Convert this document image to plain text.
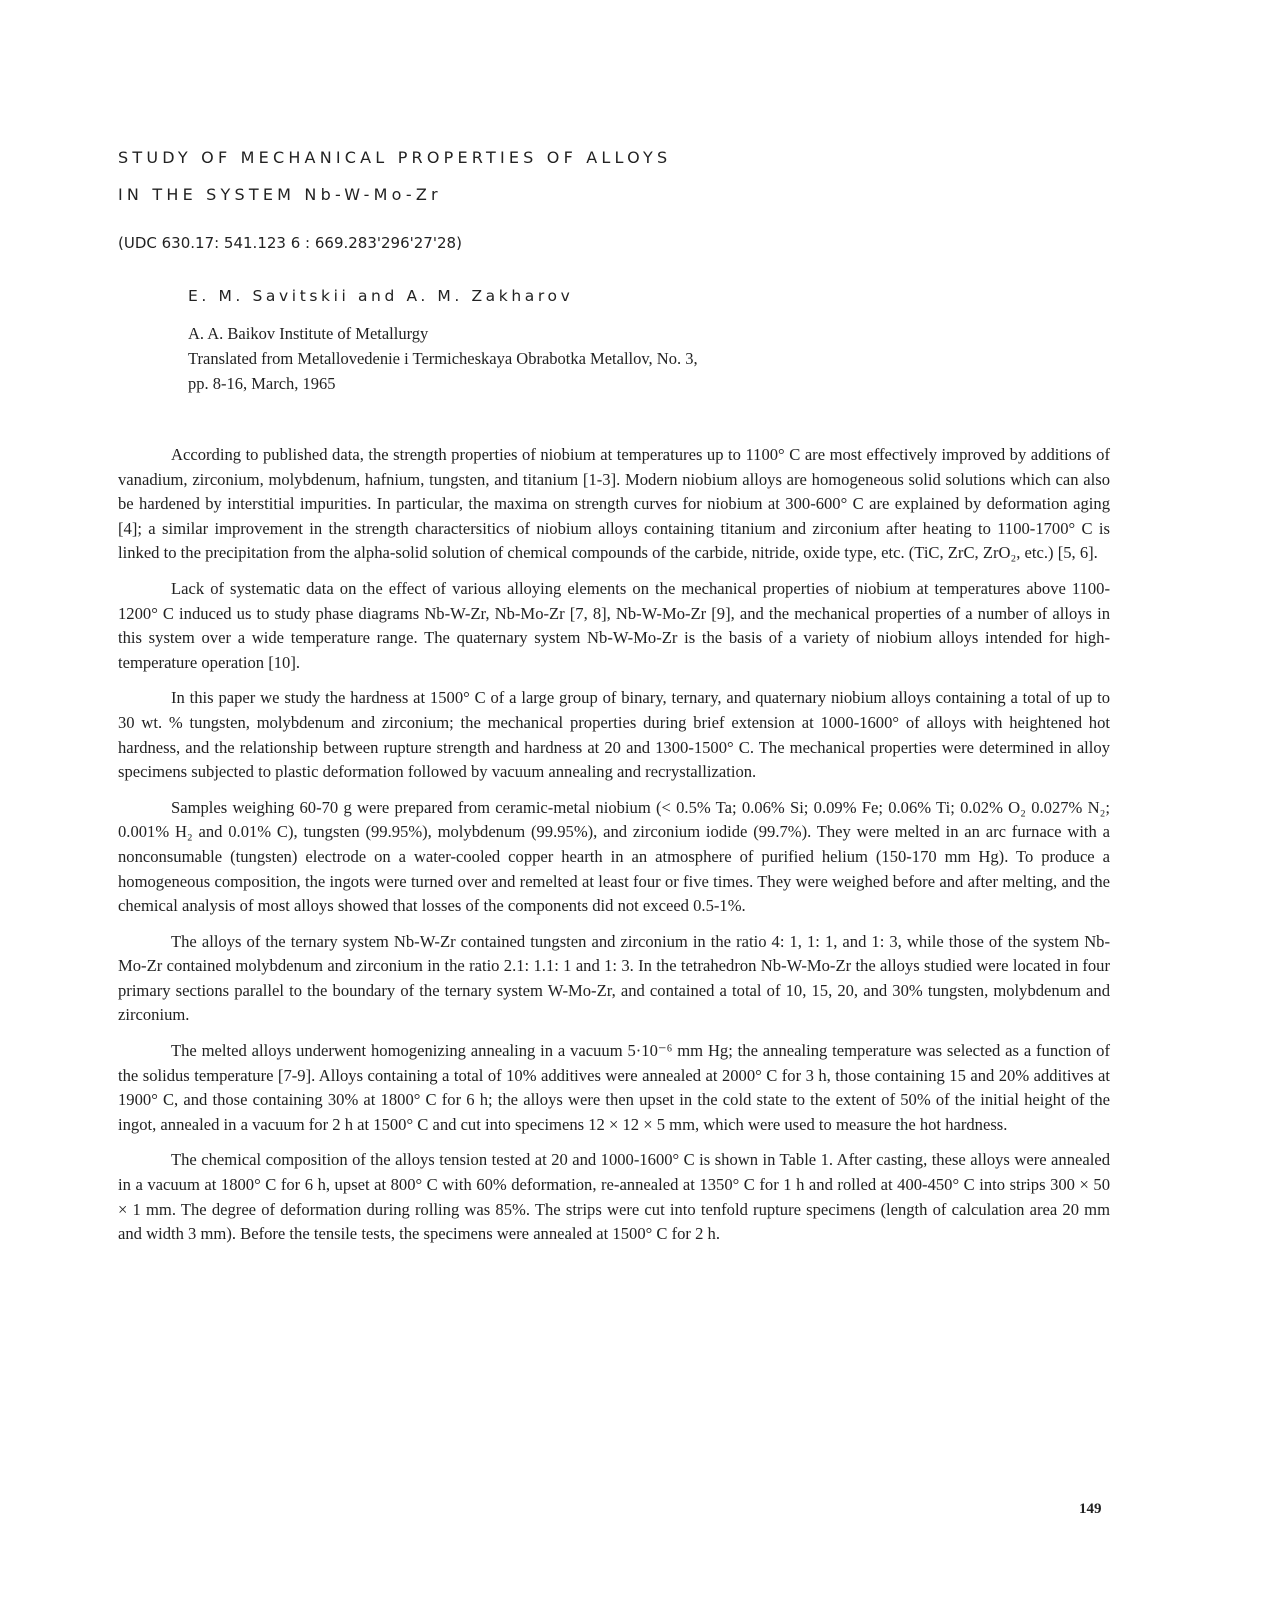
STUDY OF MECHANICAL PROPERTIES OF ALLOYS
IN THE SYSTEM Nb-W-Mo-Zr
(UDC 630.17: 541.123 6 : 669.283'296'27'28)
E. M. Savitskii and A. M. Zakharov
A. A. Baikov Institute of Metallurgy
Translated from Metallovedenie i Termicheskaya Obrabotka Metallov, No. 3,
pp. 8-16, March, 1965

According to published data, the strength properties of niobium at temperatures up to 1100° C are most effectively improved by additions of vanadium, zirconium, molybdenum, hafnium, tungsten, and titanium [1-3]. Modern niobium alloys are homogeneous solid solutions which can also be hardened by interstitial impurities. In particular, the maxima on strength curves for niobium at 300-600° C are explained by deformation aging [4]; a similar improvement in the strength charactersitics of niobium alloys containing titanium and zirconium after heating to 1100-1700° C is linked to the precipitation from the alpha-solid solution of chemical compounds of the carbide, nitride, oxide type, etc. (TiC, ZrC, ZrO₂, etc.) [5, 6].

Lack of systematic data on the effect of various alloying elements on the mechanical properties of niobium at temperatures above 1100-1200° C induced us to study phase diagrams Nb-W-Zr, Nb-Mo-Zr [7, 8], Nb-W-Mo-Zr [9], and the mechanical properties of a number of alloys in this system over a wide temperature range. The quaternary system Nb-W-Mo-Zr is the basis of a variety of niobium alloys intended for high-temperature operation [10].

In this paper we study the hardness at 1500° C of a large group of binary, ternary, and quaternary niobium alloys containing a total of up to 30 wt. % tungsten, molybdenum and zirconium; the mechanical properties during brief extension at 1000-1600° of alloys with heightened hot hardness, and the relationship between rupture strength and hardness at 20 and 1300-1500° C. The mechanical properties were determined in alloy specimens subjected to plastic deformation followed by vacuum annealing and recrystallization.

Samples weighing 60-70 g were prepared from ceramic-metal niobium (< 0.5% Ta; 0.06% Si; 0.09% Fe; 0.06% Ti; 0.02% O₂ 0.027% N₂; 0.001% H₂ and 0.01% C), tungsten (99.95%), molybdenum (99.95%), and zirconium iodide (99.7%). They were melted in an arc furnace with a nonconsumable (tungsten) electrode on a water-cooled copper hearth in an atmosphere of purified helium (150-170 mm Hg). To produce a homogeneous composition, the ingots were turned over and remelted at least four or five times. They were weighed before and after melting, and the chemical analysis of most alloys showed that losses of the components did not exceed 0.5-1%.

The alloys of the ternary system Nb-W-Zr contained tungsten and zirconium in the ratio 4: 1, 1: 1, and 1: 3, while those of the system Nb-Mo-Zr contained molybdenum and zirconium in the ratio 2.1: 1.1: 1 and 1: 3. In the tetrahedron Nb-W-Mo-Zr the alloys studied were located in four primary sections parallel to the boundary of the ternary system W-Mo-Zr, and contained a total of 10, 15, 20, and 30% tungsten, molybdenum and zirconium.

The melted alloys underwent homogenizing annealing in a vacuum 5·10⁻⁶ mm Hg; the annealing temperature was selected as a function of the solidus temperature [7-9]. Alloys containing a total of 10% additives were annealed at 2000° C for 3 h, those containing 15 and 20% additives at 1900° C, and those containing 30% at 1800° C for 6 h; the alloys were then upset in the cold state to the extent of 50% of the initial height of the ingot, annealed in a vacuum for 2 h at 1500° C and cut into specimens 12 × 12 × 5 mm, which were used to measure the hot hardness.

The chemical composition of the alloys tension tested at 20 and 1000-1600° C is shown in Table 1. After casting, these alloys were annealed in a vacuum at 1800° C for 6 h, upset at 800° C with 60% deformation, re-annealed at 1350° C for 1 h and rolled at 400-450° C into strips 300 × 50 × 1 mm. The degree of deformation during rolling was 85%. The strips were cut into tenfold rupture specimens (length of calculation area 20 mm and width 3 mm). Before the tensile tests, the specimens were annealed at 1500° C for 2 h.

149
